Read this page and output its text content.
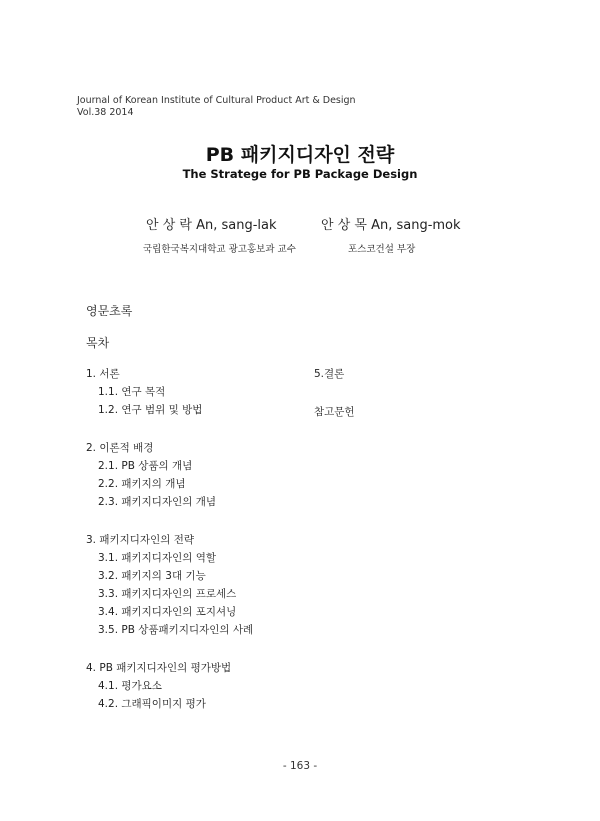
Journal of Korean Institute of Cultural Product Art & Design
Vol.38 2014
PB 패키지디자인 전략
The Stratege for PB Package Design
안 상 락 An, sang-lak	안 상 목 An, sang-mok
국립한국복지대학교 광고홍보과 교수	포스코건설 부장
영문초록
목차
1. 서론
1.1. 연구 목적
1.2. 연구 범위 및 방법
2. 이론적 배경
2.1. PB 상품의 개념
2.2. 패키지의 개념
2.3. 패키지디자인의 개념
3. 패키지디자인의 전략
3.1. 패키지디자인의 역할
3.2. 패키지의 3대 기능
3.3. 패키지디자인의 프로세스
3.4. 패키지디자인의 포지셔닝
3.5. PB 상품패키지디자인의 사례
4. PB 패키지디자인의 평가방법
4.1. 평가요소
4.2. 그래픽이미지 평가
5.결론
참고문헌
- 163 -
